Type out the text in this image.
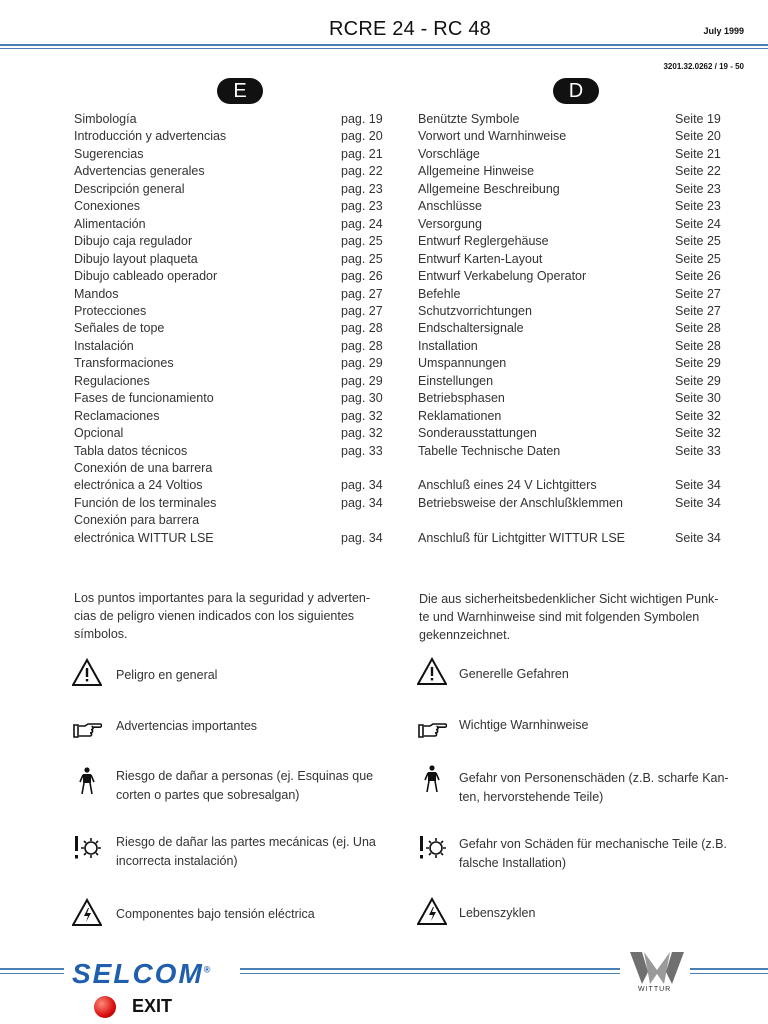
RCRE 24 - RC 48	July 1999
3201.32.0262 / 19 - 50
E	D
Simbología	pag. 19
Introducción y advertencias	pag. 20
Sugerencias	pag. 21
Advertencias generales	pag. 22
Descripción general	pag. 23
Conexiones	pag. 23
Alimentación	pag. 24
Dibujo caja regulador	pag. 25
Dibujo layout plaqueta	pag. 25
Dibujo cableado operador	pag. 26
Mandos	pag. 27
Protecciones	pag. 27
Señales de tope	pag. 28
Instalación	pag. 28
Transformaciones	pag. 29
Regulaciones	pag. 29
Fases de funcionamiento	pag. 30
Reclamaciones	pag. 32
Opcional	pag. 32
Tabla datos técnicos	pag. 33
Conexión de una barrera
electrónica a 24 Voltios	pag. 34
Función de los terminales	pag. 34
Conexión para barrera
electrónica WITTUR LSE	pag. 34
Benützte Symbole	Seite 19
Vorwort und Warnhinweise	Seite 20
Vorschläge	Seite 21
Allgemeine Hinweise	Seite 22
Allgemeine Beschreibung	Seite 23
Anschlüsse	Seite 23
Versorgung	Seite 24
Entwurf Reglergehäuse	Seite 25
Entwurf Karten-Layout	Seite 25
Entwurf Verkabelung Operator	Seite 26
Befehle	Seite 27
Schutzvorrichtungen	Seite 27
Endschaltersignale	Seite 28
Installation	Seite 28
Umspannungen	Seite 29
Einstellungen	Seite 29
Betriebsphasen	Seite 30
Reklamationen	Seite 32
Sonderausstattungen	Seite 32
Tabelle Technische Daten	Seite 33
Anschluß eines 24 V Lichtgitters	Seite 34
Betriebsweise der Anschlußklemmen	Seite 34
Anschluß für Lichtgitter WITTUR LSE	Seite 34
Los puntos importantes para la seguridad y adverten-
cias de peligro vienen indicados con los siguientes
símbolos.
Die aus sicherheitsbedenklicher Sicht wichtigen Punk-
te und Warnhinweise sind mit folgenden Symbolen
gekennzeichnet.
Peligro en general
Advertencias importantes
Riesgo de dañar a personas (ej. Esquinas que
corten o partes que sobresalgan)
Riesgo de dañar las partes mecánicas (ej. Una
incorrecta instalación)
Componentes bajo tensión eléctrica
Generelle Gefahren
Wichtige Warnhinweise
Gefahr von Personenschäden (z.B. scharfe Kan-
ten, hervorstehende Teile)
Gefahr von Schäden für mechanische Teile (z.B.
falsche Installation)
Lebenszyklen
SELCOM®
EXIT
WITTUR
